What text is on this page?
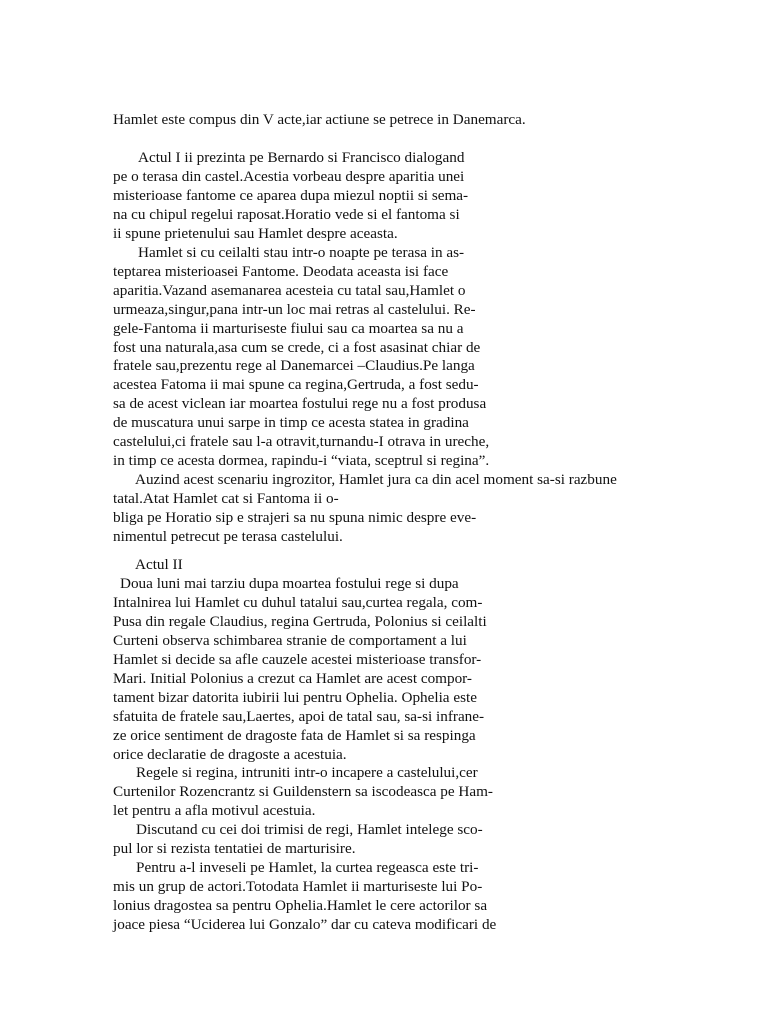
Hamlet este compus din V acte,iar actiune se petrece in Danemarca.
Actul I ii prezinta pe Bernardo si Francisco dialogand
pe o terasa din castel.Acestia vorbeau despre aparitia unei
misterioase fantome ce aparea dupa miezul noptii si sema-
na cu chipul regelui raposat.Horatio vede si el fantoma si
ii spune prietenului sau Hamlet despre aceasta.
Hamlet si cu ceilalti stau intr-o noapte pe terasa in as-
teptarea misterioasei Fantome. Deodata aceasta isi face
aparitia.Vazand asemanarea acesteia cu tatal sau,Hamlet o
urmeaza,singur,pana intr-un loc mai retras al castelului. Re-
gele-Fantoma ii marturiseste fiului sau ca moartea sa nu a
fost una naturala,asa cum se crede, ci a fost asasinat chiar de
fratele sau,prezentu rege al Danemarcei –Claudius.Pe langa
acestea Fatoma ii mai spune ca regina,Gertruda, a fost sedu-
sa de acest viclean iar moartea fostului rege nu a fost produsa
de muscatura unui sarpe in timp ce acesta statea in gradina
castelului,ci fratele sau l-a otravit,turnandu-I otrava in ureche,
in timp ce acesta dormea, rapindu-i “viata, sceptrul si regina”.
Auzind acest scenariu ingrozitor, Hamlet jura ca din acel moment sa-si razbune
tatal.Atat Hamlet cat si Fantoma ii o-
bliga pe Horatio sip e strajeri sa nu spuna nimic despre eve-
nimentul petrecut pe terasa castelului.
Actul II
Doua luni mai tarziu dupa moartea fostului rege si dupa
Intalnirea lui Hamlet cu duhul tatalui sau,curtea regala, com-
Pusa din regale Claudius, regina Gertruda, Polonius si ceilalti
Curteni observa schimbarea stranie de comportament a lui
Hamlet si decide sa afle cauzele acestei misterioase transfor-
Mari. Initial Polonius a crezut ca Hamlet are acest compor-
tament bizar datorita iubirii lui pentru Ophelia. Ophelia este
sfatuita de fratele sau,Laertes, apoi de tatal sau, sa-si infrane-
ze orice sentiment de dragoste fata de Hamlet si sa respinga
orice declaratie de dragoste a acestuia.
Regele si regina, intruniti intr-o incapere a castelului,cer
Curtenilor Rozencrantz si Guildenstern sa iscodeasca pe Ham-
let pentru a afla motivul acestuia.
Discutand cu cei doi trimisi de regi, Hamlet intelege sco-
pul lor si rezista tentatiei de marturisire.
Pentru a-l inveseli pe Hamlet, la curtea regeasca este tri-
mis un grup de actori.Totodata Hamlet ii marturiseste lui Po-
lonius dragostea sa pentru Ophelia.Hamlet le cere actorilor sa
joace piesa “Uciderea lui Gonzalo” dar cu cateva modificari de
